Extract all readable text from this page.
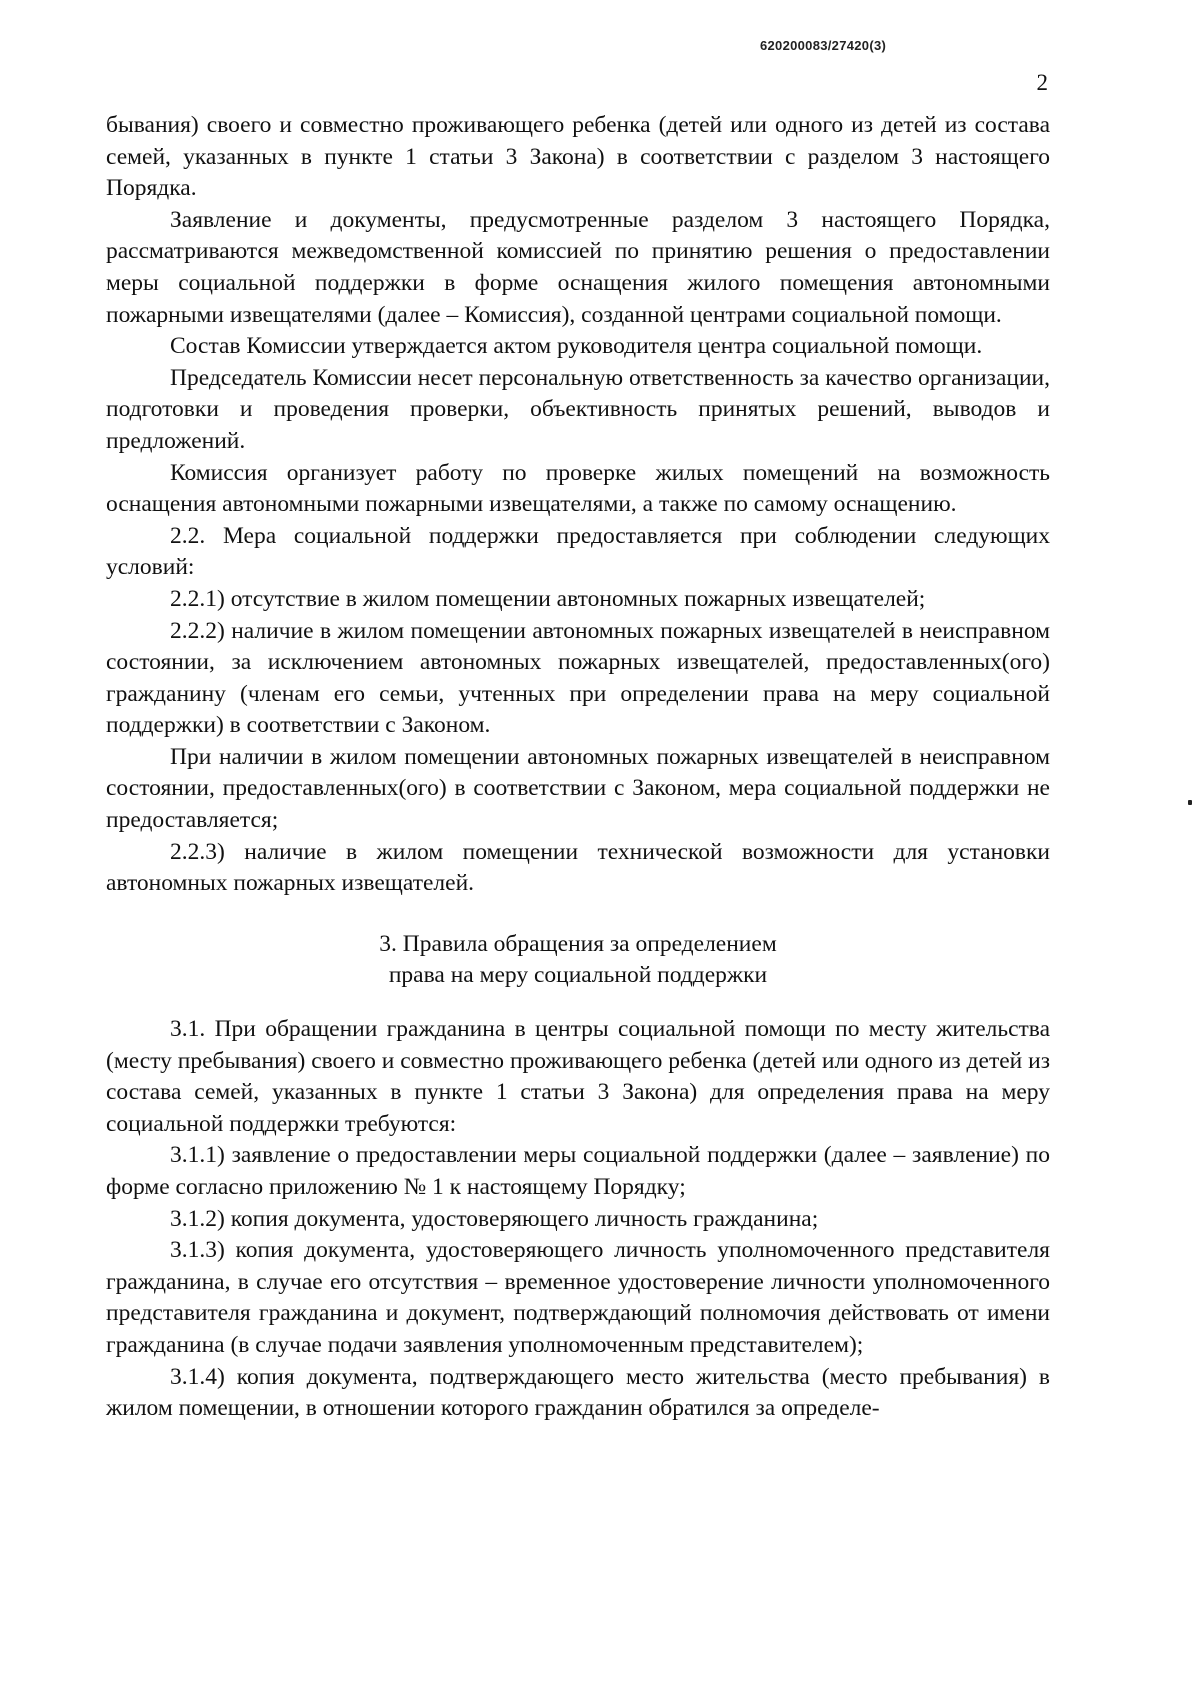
620200083/27420(3)
2

бывания) своего и совместно проживающего ребенка (детей или одного из детей из состава семей, указанных в пункте 1 статьи 3 Закона) в соответствии с разделом 3 настоящего Порядка.

Заявление и документы, предусмотренные разделом 3 настоящего Порядка, рассматриваются межведомственной комиссией по принятию решения о предоставлении меры социальной поддержки в форме оснащения жилого помещения автономными пожарными извещателями (далее – Комиссия), созданной центрами социальной помощи.

Состав Комиссии утверждается актом руководителя центра социальной помощи.

Председатель Комиссии несет персональную ответственность за качество организации, подготовки и проведения проверки, объективность принятых решений, выводов и предложений.

Комиссия организует работу по проверке жилых помещений на возможность оснащения автономными пожарными извещателями, а также по самому оснащению.

2.2. Мера социальной поддержки предоставляется при соблюдении следующих условий:

2.2.1) отсутствие в жилом помещении автономных пожарных извещателей;

2.2.2) наличие в жилом помещении автономных пожарных извещателей в неисправном состоянии, за исключением автономных пожарных извещателей, предоставленных(ого) гражданину (членам его семьи, учтенных при определении права на меру социальной поддержки) в соответствии с Законом.

При наличии в жилом помещении автономных пожарных извещателей в неисправном состоянии, предоставленных(ого) в соответствии с Законом, мера социальной поддержки не предоставляется;

2.2.3) наличие в жилом помещении технической возможности для установки автономных пожарных извещателей.

3. Правила обращения за определением
права на меру социальной поддержки

3.1. При обращении гражданина в центры социальной помощи по месту жительства (месту пребывания) своего и совместно проживающего ребенка (детей или одного из детей из состава семей, указанных в пункте 1 статьи 3 Закона) для определения права на меру социальной поддержки требуются:

3.1.1) заявление о предоставлении меры социальной поддержки (далее – заявление) по форме согласно приложению № 1 к настоящему Порядку;

3.1.2) копия документа, удостоверяющего личность гражданина;

3.1.3) копия документа, удостоверяющего личность уполномоченного представителя гражданина, в случае его отсутствия – временное удостоверение личности уполномоченного представителя гражданина и документ, подтверждающий полномочия действовать от имени гражданина (в случае подачи заявления уполномоченным представителем);

3.1.4) копия документа, подтверждающего место жительства (место пребывания) в жилом помещении, в отношении которого гражданин обратился за определе-
